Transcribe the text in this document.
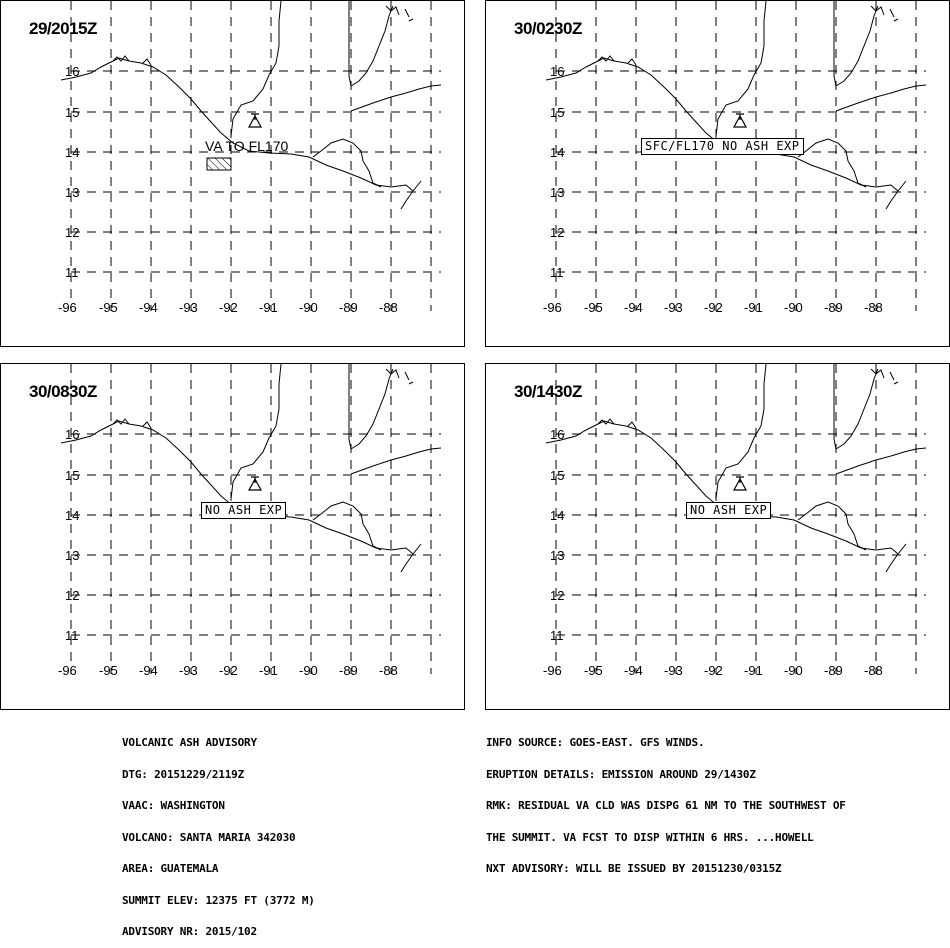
29/2015Z
16
15
14
13
12
11
-96 -95 -94 -93 -92 -91 -90 -89 -88
VA TO FL170
30/0230Z
16
15
14
13
12
11
-96 -95 -94 -93 -92 -91 -90 -89 -88
SFC/FL170 NO ASH EXP
30/0830Z
16
15
14
13
12
11
-96 -95 -94 -93 -92 -91 -90 -89 -88
NO ASH EXP
30/1430Z
16
15
14
13
12
11
-96 -95 -94 -93 -92 -91 -90 -89 -88
NO ASH EXP

VOLCANIC ASH ADVISORY

DTG: 20151229/2119Z

VAAC: WASHINGTON

VOLCANO: SANTA MARIA 342030

AREA: GUATEMALA

SUMMIT ELEV: 12375 FT (3772 M)

ADVISORY NR: 2015/102

INFO SOURCE: GOES-EAST. GFS WINDS.

ERUPTION DETAILS: EMISSION AROUND 29/1430Z

RMK: RESIDUAL VA CLD WAS DISPG 61 NM TO THE SOUTHWEST OF

THE SUMMIT. VA FCST TO DISP WITHIN 6 HRS. ...HOWELL

NXT ADVISORY: WILL BE ISSUED BY 20151230/0315Z
